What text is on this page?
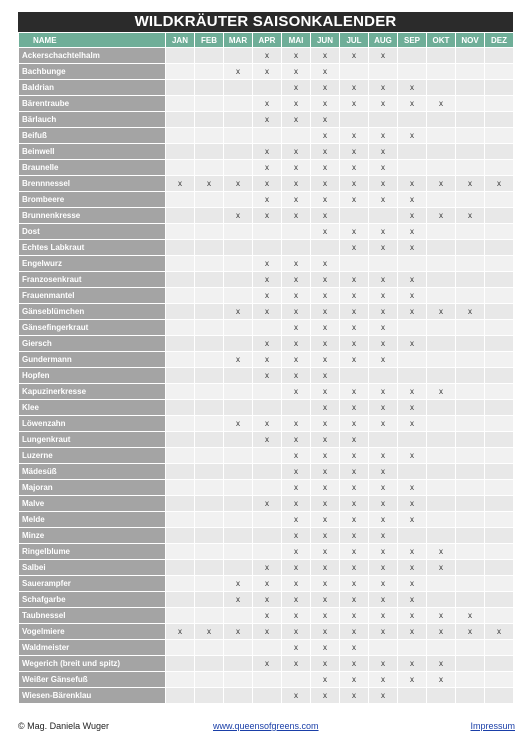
WILDKRÄUTER SAISONKALENDER
NAME	JAN	FEB	MAR	APR	MAI	JUN	JUL	AUG	SEP	OKT	NOV	DEZ
Ackerschachtelhalm				x	x	x	x	x				
Bachbunge			x	x	x	x						
Baldrian					x	x	x	x	x			
Bärentraube				x	x	x	x	x	x	x		
Bärlauch				x	x	x						
Beifuß						x	x	x	x			
Beinwell				x	x	x	x	x				
Braunelle				x	x	x	x	x				
Brennnessel	x	x	x	x	x	x	x	x	x	x	x	x
Brombeere				x	x	x	x	x	x			
Brunnenkresse			x	x	x	x			x	x	x	
Dost						x	x	x	x			
Echtes Labkraut							x	x	x			
Engelwurz				x	x	x						
Franzosenkraut				x	x	x	x	x	x			
Frauenmantel				x	x	x	x	x	x			
Gänseblümchen			x	x	x	x	x	x	x	x	x	
Gänsefingerkraut					x	x	x	x				
Giersch				x	x	x	x	x	x			
Gundermann			x	x	x	x	x	x				
Hopfen				x	x	x						
Kapuzinerkresse					x	x	x	x	x	x		
Klee						x	x	x	x			
Löwenzahn			x	x	x	x	x	x	x			
Lungenkraut				x	x	x	x					
Luzerne					x	x	x	x	x			
Mädesüß					x	x	x	x				
Majoran					x	x	x	x	x			
Malve				x	x	x	x	x	x			
Melde					x	x	x	x	x			
Minze					x	x	x	x				
Ringelblume					x	x	x	x	x	x		
Salbei				x	x	x	x	x	x	x		
Sauerampfer			x	x	x	x	x	x	x			
Schafgarbe			x	x	x	x	x	x	x			
Taubnessel				x	x	x	x	x	x	x	x	
Vogelmiere	x	x	x	x	x	x	x	x	x	x	x	x
Waldmeister					x	x	x					
Wegerich (breit und spitz)				x	x	x	x	x	x	x		
Weißer Gänsefuß						x	x	x	x	x		
Wiesen-Bärenklau					x	x	x	x				
© Mag. Daniela Wuger	www.queensofgreens.com	Impressum
